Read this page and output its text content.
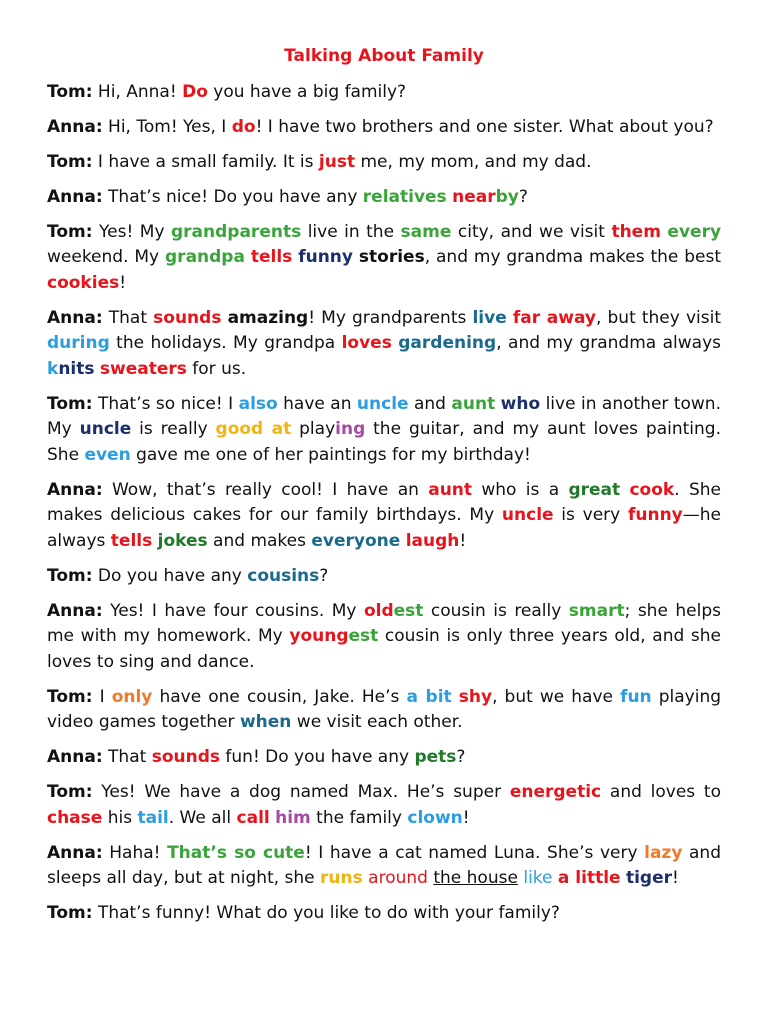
Talking About Family

Tom: Hi, Anna! Do you have a big family?

Anna: Hi, Tom! Yes, I do! I have two brothers and one sister. What about you?

Tom: I have a small family. It is just me, my mom, and my dad.

Anna: That’s nice! Do you have any relatives nearby?

Tom: Yes! My grandparents live in the same city, and we visit them every weekend. My grandpa tells funny stories, and my grandma makes the best cookies!

Anna: That sounds amazing! My grandparents live far away, but they visit during the holidays. My grandpa loves gardening, and my grandma always knits sweaters for us.

Tom: That’s so nice! I also have an uncle and aunt who live in another town. My uncle is really good at playing the guitar, and my aunt loves painting. She even gave me one of her paintings for my birthday!

Anna: Wow, that’s really cool! I have an aunt who is a great cook. She makes delicious cakes for our family birthdays. My uncle is very funny—he always tells jokes and makes everyone laugh!

Tom: Do you have any cousins?

Anna: Yes! I have four cousins. My oldest cousin is really smart; she helps me with my homework. My youngest cousin is only three years old, and she loves to sing and dance.

Tom: I only have one cousin, Jake. He’s a bit shy, but we have fun playing video games together when we visit each other.

Anna: That sounds fun! Do you have any pets?

Tom: Yes! We have a dog named Max. He’s super energetic and loves to chase his tail. We all call him the family clown!

Anna: Haha! That’s so cute! I have a cat named Luna. She’s very lazy and sleeps all day, but at night, she runs around the house like a little tiger!

Tom: That’s funny! What do you like to do with your family?
